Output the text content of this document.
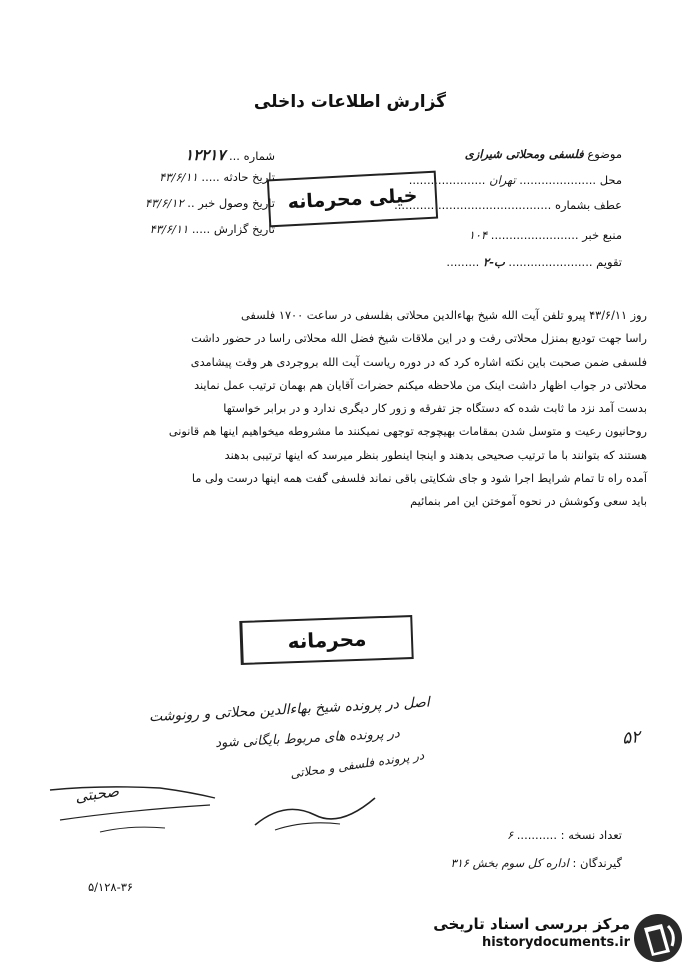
گزارش اطلاعات داخلی
موضوع فلسفی ومحلاتی شیرازی
محل ..................... تهران .....................
عطف بشماره ...........................................
منبع خبر ........................ ۱۰۴
تقویم ....................... ب-۲ .........
شماره ... ۱۲۲۱۷
تاریخ حادثه ..... ۴۳/۶/۱۱
تاریخ وصول خبر .. ۴۳/۶/۱۲
تاریخ گزارش ..... ۴۳/۶/۱۱
خیلی محرمانه
روز ۴۳/۶/۱۱ پیرو تلفن آیت الله شیخ بهاءالدین محلاتی بفلسفی در ساعت ۱۷۰۰ فلسفی
راسا جهت تودیع بمنزل محلاتی رفت و در این ملاقات شیخ فضل الله محلاتی راسا در حضور داشت
فلسفی ضمن صحبت باین نکته اشاره کرد که در دوره ریاست آیت الله بروجردی هر وقت پیشامدی
محلاتی در جواب اظهار داشت اینک من ملاحظه میکنم حضرات آقایان هم بهمان ترتیب عمل نمایند
بدست آمد نزد ما ثابت شده که دستگاه جز تفرقه و زور کار دیگری ندارد و در برابر خواستها
روحانیون رعیت و متوسل شدن بمقامات بهیچوجه توجهی نمیکنند ما مشروطه میخواهیم اینها هم قانونی
هستند که بتوانند با ما ترتیب صحیحی بدهند و اینجا اینطور بنظر میرسد که اینها ترتیبی بدهند
آمده راه تا تمام شرایط اجرا شود و جای شکایتی باقی نماند فلسفی گفت همه اینها درست ولی ما
باید سعی وکوشش در نحوه آموختن این امر بنمائیم
محرمانه
اصل در پرونده شیخ بهاءالدین محلاتی و رونوشت
در پرونده های مربوط بایگانی شود
در پرونده فلسفی و محلاتی
۵۲
صحبتی
تعداد نسخه : ........... ۶
گیرندگان : اداره کل سوم بخش ۳۱۶
۵/۱۲۸-۳۶
مرکز بررسی اسناد تاریخی
historydocuments.ir
